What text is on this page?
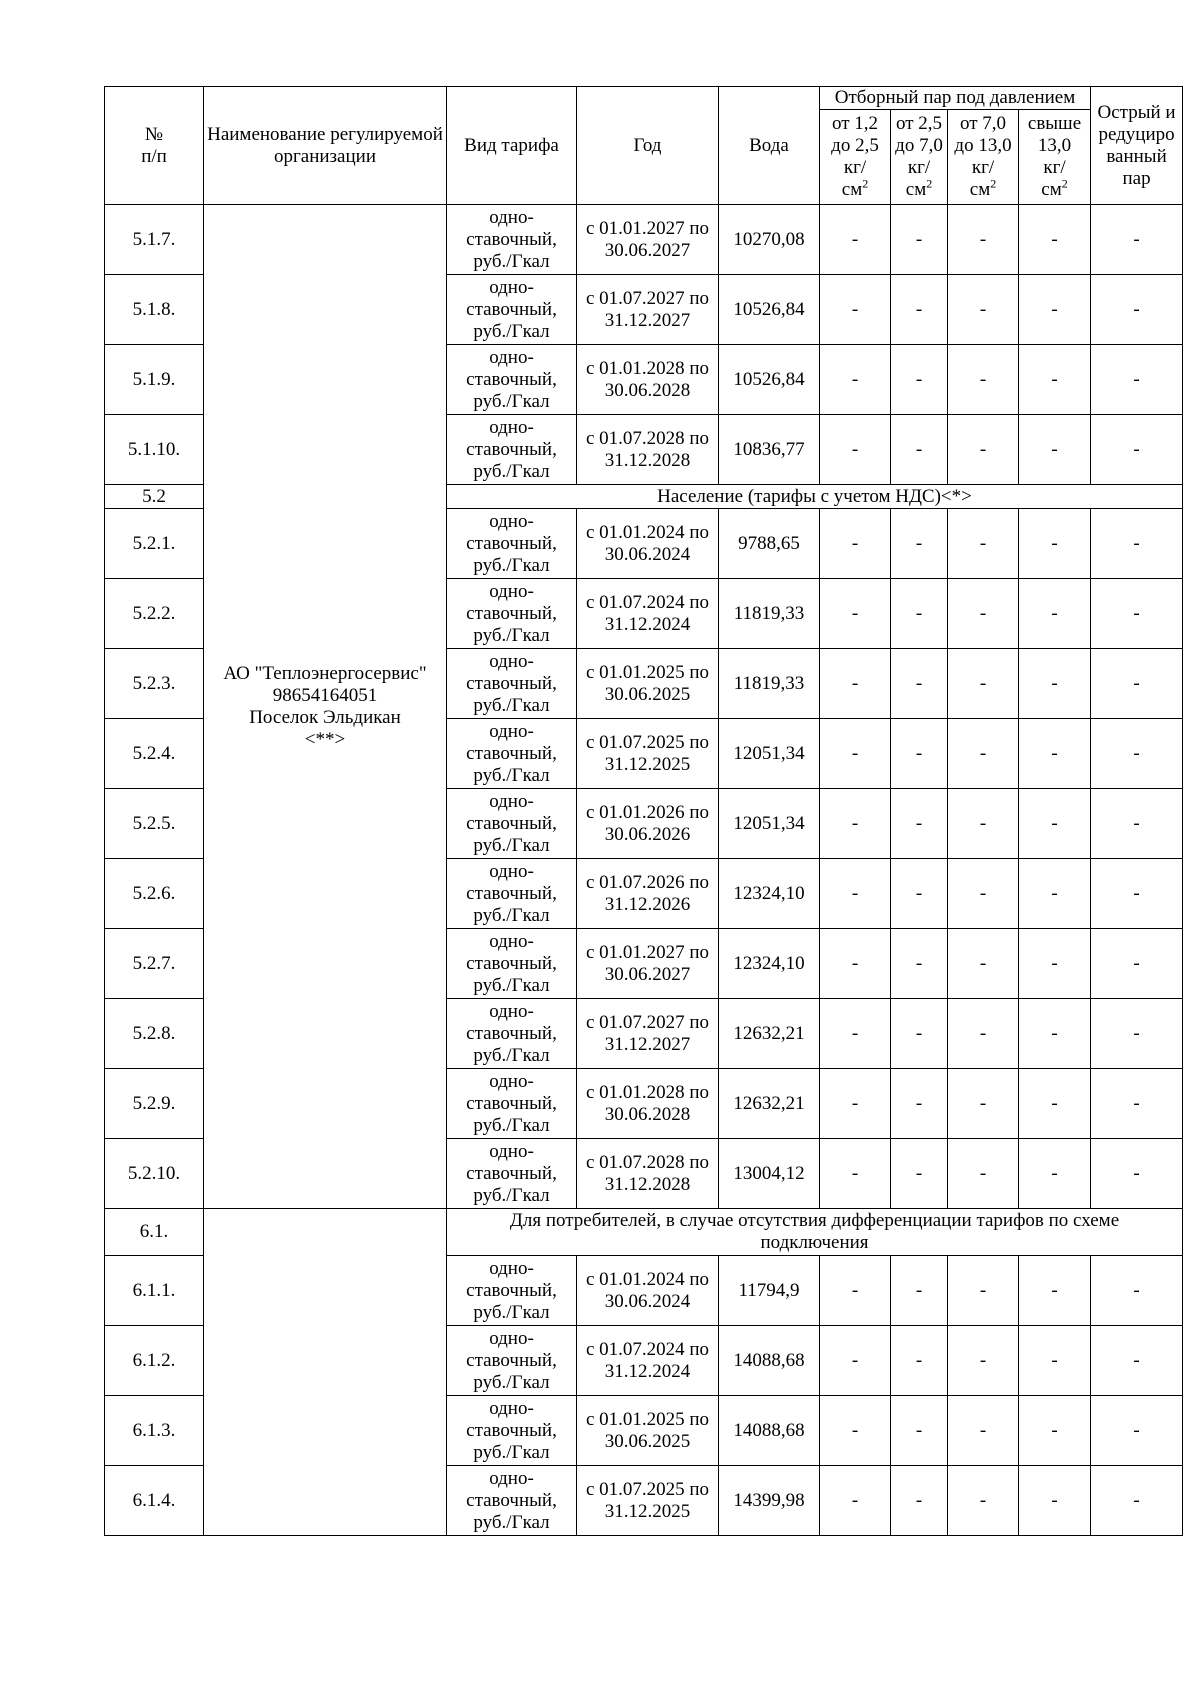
№
п/п	Наименование регулируемой организации	Вид тарифа	Год	Вода	Отборный пар под давлением				Острый и
редуциро
ванный
пар
					от 1,2
до 2,5
кг/
$см^2$	от 2,5
до 7,0
кг/
$см^2$	от 7,0
до 13,0
кг/
$см^2$	свыше
13,0
кг/
$см^2$
5.1.7.	АО "Теплоэнергосервис"
98654164051
Поселок Эльдикан
<**>	одно-
ставочный,
руб./Гкал	с 01.01.2027 по
30.06.2027	10270,08	-	-	-	-	-
5.1.8.		одно-
ставочный,
руб./Гкал	с 01.07.2027 по
31.12.2027	10526,84	-	-	-	-	-
5.1.9.		одно-
ставочный,
руб./Гкал	с 01.01.2028 по
30.06.2028	10526,84	-	-	-	-	-
5.1.10.		одно-
ставочный,
руб./Гкал	с 01.07.2028 по
31.12.2028	10836,77	-	-	-	-	-
5.2		Население (тарифы с учетом НДС)<*>							
5.2.1.		одно-
ставочный,
руб./Гкал	с 01.01.2024 по
30.06.2024	9788,65	-	-	-	-	-
5.2.2.		одно-
ставочный,
руб./Гкал	с 01.07.2024 по
31.12.2024	11819,33	-	-	-	-	-
5.2.3.		одно-
ставочный,
руб./Гкал	с 01.01.2025 по
30.06.2025	11819,33	-	-	-	-	-
5.2.4.		одно-
ставочный,
руб./Гкал	с 01.07.2025 по
31.12.2025	12051,34	-	-	-	-	-
5.2.5.		одно-
ставочный,
руб./Гкал	с 01.01.2026 по
30.06.2026	12051,34	-	-	-	-	-
5.2.6.		одно-
ставочный,
руб./Гкал	с 01.07.2026 по
31.12.2026	12324,10	-	-	-	-	-
5.2.7.		одно-
ставочный,
руб./Гкал	с 01.01.2027 по
30.06.2027	12324,10	-	-	-	-	-
5.2.8.		одно-
ставочный,
руб./Гкал	с 01.07.2027 по
31.12.2027	12632,21	-	-	-	-	-
5.2.9.		одно-
ставочный,
руб./Гкал	с 01.01.2028 по
30.06.2028	12632,21	-	-	-	-	-
5.2.10.		одно-
ставочный,
руб./Гкал	с 01.07.2028 по
31.12.2028	13004,12	-	-	-	-	-
6.1.		Для потребителей, в случае отсутствия дифференциации тарифов по схеме
подключения							
6.1.1.		одно-
ставочный,
руб./Гкал	с 01.01.2024 по
30.06.2024	11794,9	-	-	-	-	-
6.1.2.		одно-
ставочный,
руб./Гкал	с 01.07.2024 по
31.12.2024	14088,68	-	-	-	-	-
6.1.3.		одно-
ставочный,
руб./Гкал	с 01.01.2025 по
30.06.2025	14088,68	-	-	-	-	-
6.1.4.		одно-
ставочный,
руб./Гкал	с 01.07.2025 по
31.12.2025	14399,98	-	-	-	-	-
